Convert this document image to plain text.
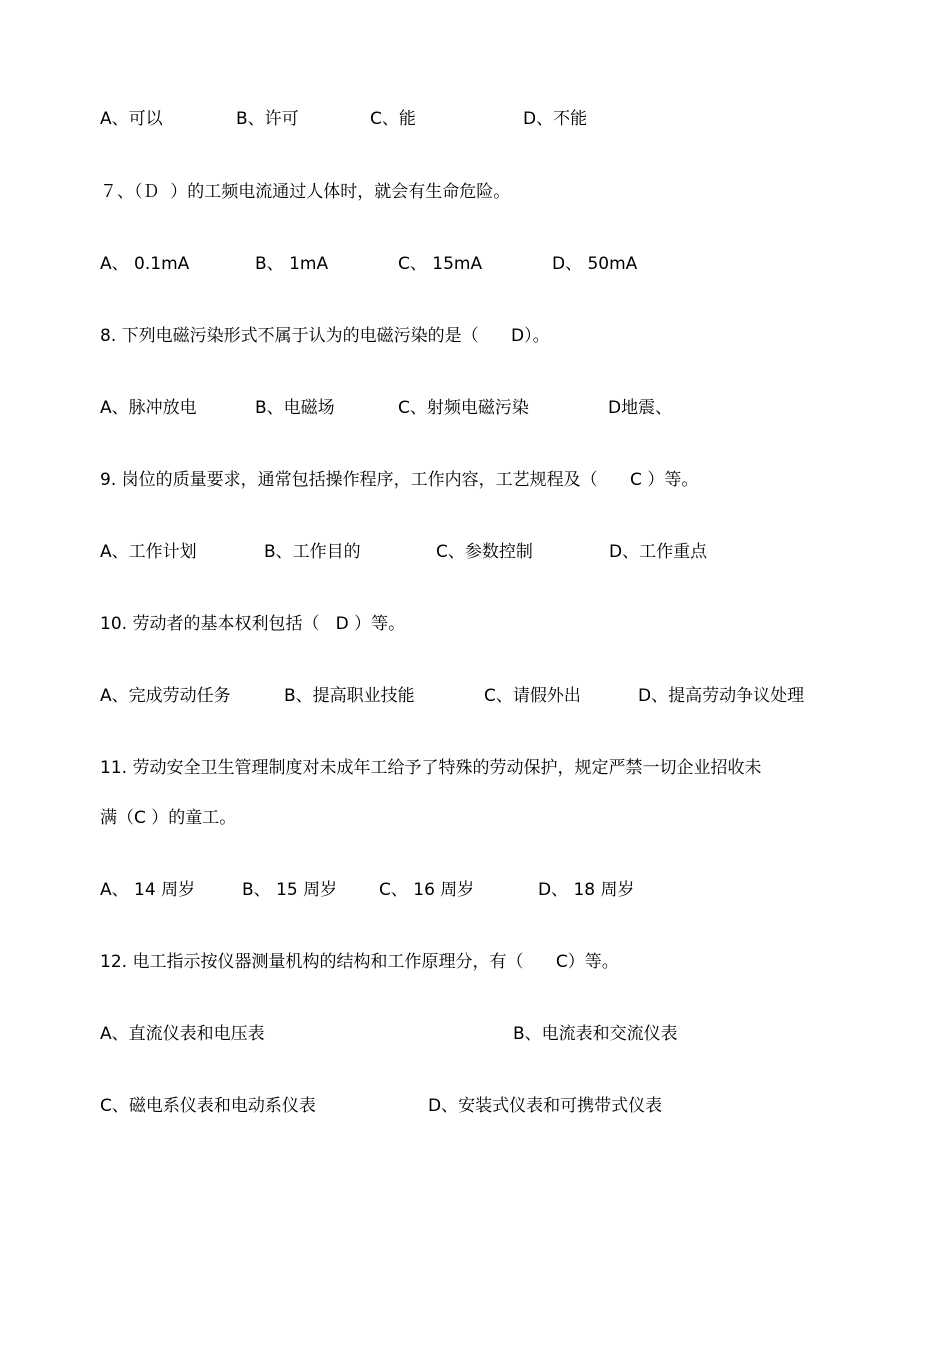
A、可以	B、许可	C、能	D、不能
７、（Ｄ  ）的工频电流通过人体时，就会有生命危险。
A、 0.1mA	B、 1mA	C、 15mA	D、 50mA
8. 下列电磁污染形式不属于认为的电磁污染的是（      D）。
A、脉冲放电	B、电磁场	C、射频电磁污染	D地震、
9. 岗位的质量要求，通常包括操作程序，工作内容，工艺规程及（      C ）等。
A、工作计划	B、工作目的	C、参数控制	D、工作重点
10. 劳动者的基本权利包括（   D ）等。
A、完成劳动任务	B、提高职业技能	C、请假外出	D、提高劳动争议处理
11. 劳动安全卫生管理制度对未成年工给予了特殊的劳动保护，规定严禁一切企业招收未
满（C ）的童工。
A、 14 周岁	B、 15 周岁 C、 16 周岁	D、 18 周岁
12. 电工指示按仪器测量机构的结构和工作原理分，有（      C）等。
A、直流仪表和电压表	B、电流表和交流仪表
C、磁电系仪表和电动系仪表	D、安装式仪表和可携带式仪表
